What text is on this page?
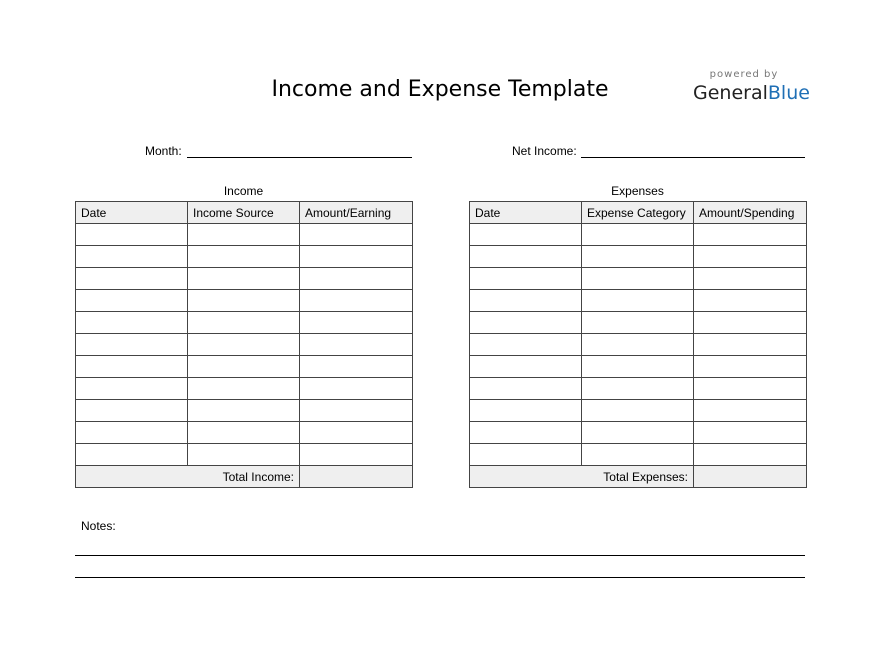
Income and Expense Template
powered by
GeneralBlue
Month:	Net Income:
Income	Expenses
Date	Income Source	Amount/Earning

Total Income:		
Date	Expense Category	Amount/Spending

Total Expenses:		
Notes:
